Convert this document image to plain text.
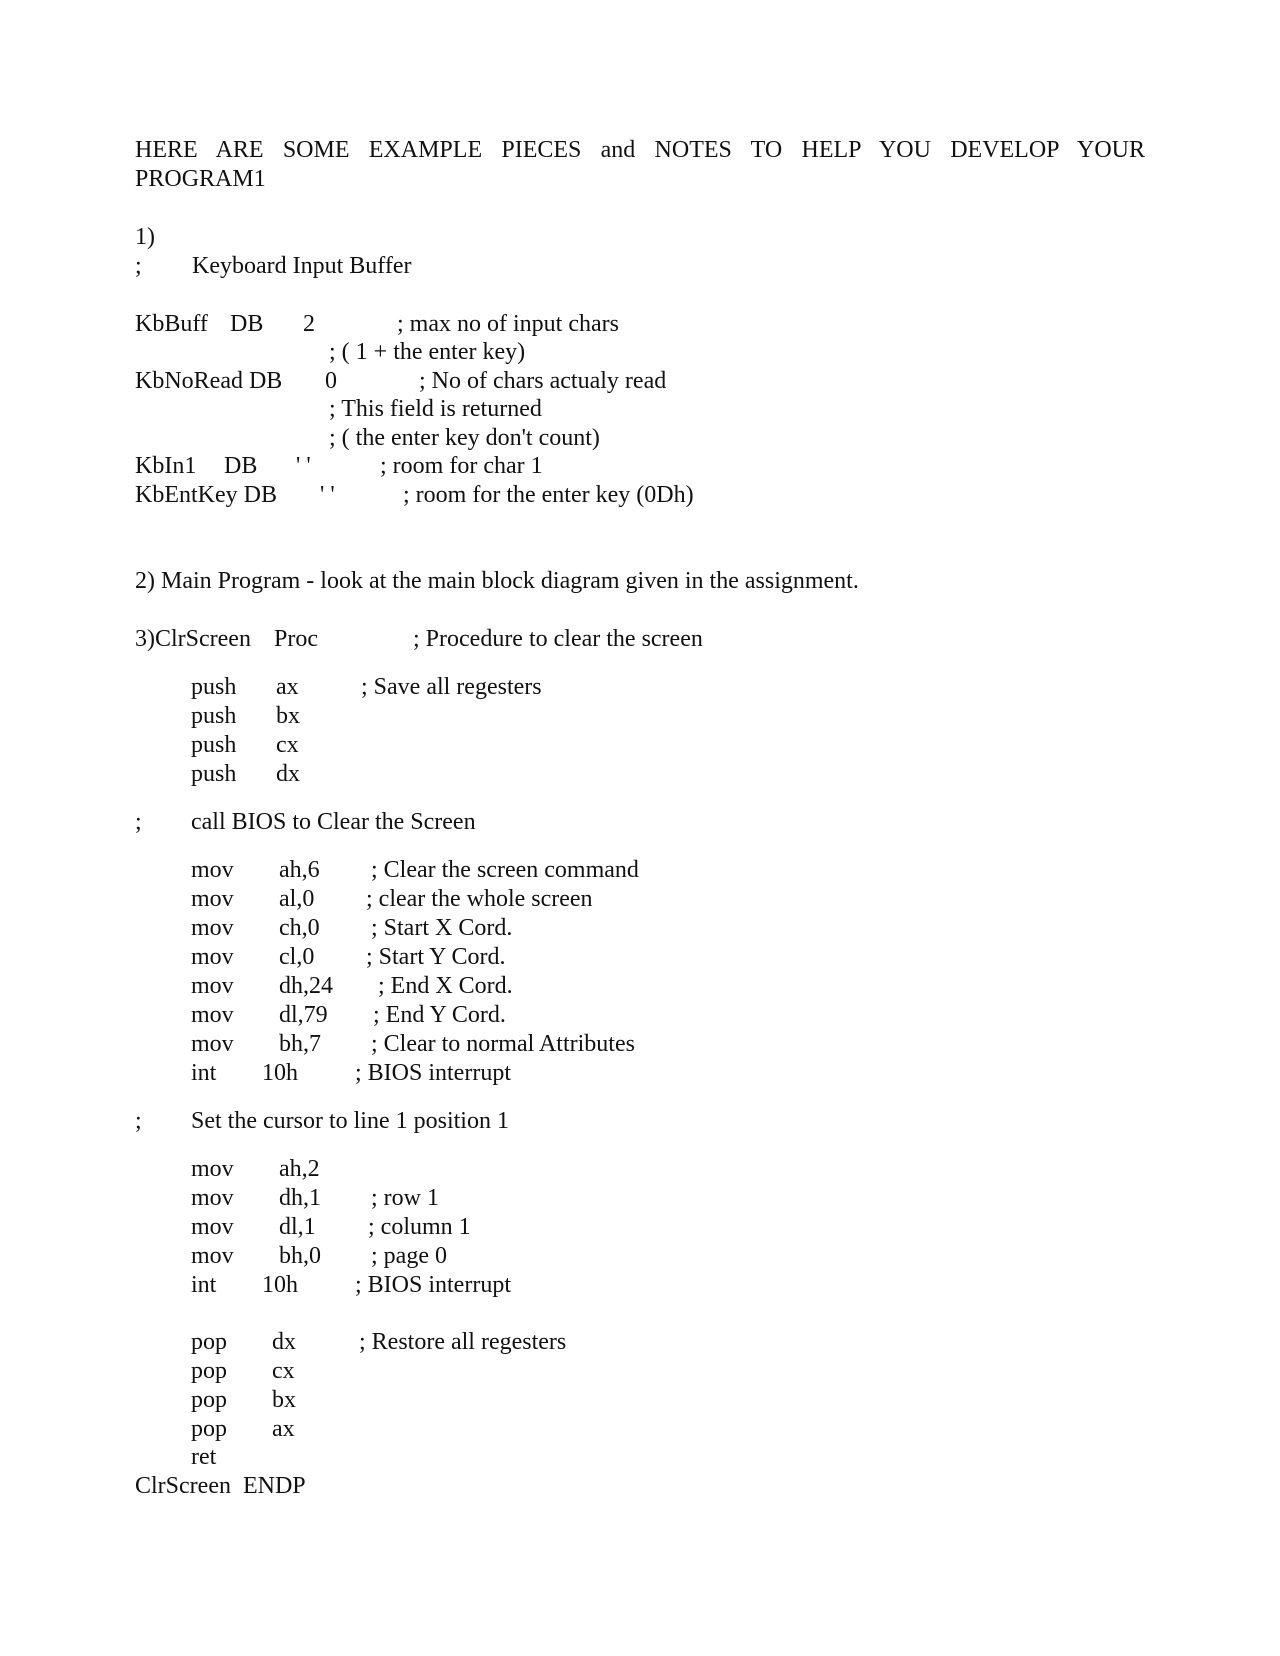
HERE ARE SOME EXAMPLE PIECES and NOTES TO HELP YOU DEVELOP YOUR
PROGRAM1
1)
; Keyboard Input Buffer
KbBuff DB 2	; max no of input chars
; ( 1 + the enter key)
KbNoRead DB 0	; No of chars actualy read
; This field is returned
; ( the enter key don't count)
KbIn1 DB ' '	; room for char 1
KbEntKey DB ' '	; room for the enter key (0Dh)
2) Main Program - look at the main block diagram given in the assignment.
3)ClrScreen Proc	; Procedure to clear the screen
push ax	; Save all regesters
push bx
push cx
push dx
; call BIOS to Clear the Screen
mov ah,6 ; Clear the screen command
mov al,0 ; clear the whole screen
mov ch,0 ; Start X Cord.
mov cl,0 ; Start Y Cord.
mov dh,24 ; End X Cord.
mov dl,79 ; End Y Cord.
mov bh,7 ; Clear to normal Attributes
int 10h ; BIOS interrupt
; Set the cursor to line 1 position 1
mov ah,2
mov dh,1 ; row 1
mov dl,1 ; column 1
mov bh,0 ; page 0
int 10h ; BIOS interrupt
pop dx	; Restore all regesters
pop cx
pop bx
pop ax
ret
ClrScreen  ENDP
